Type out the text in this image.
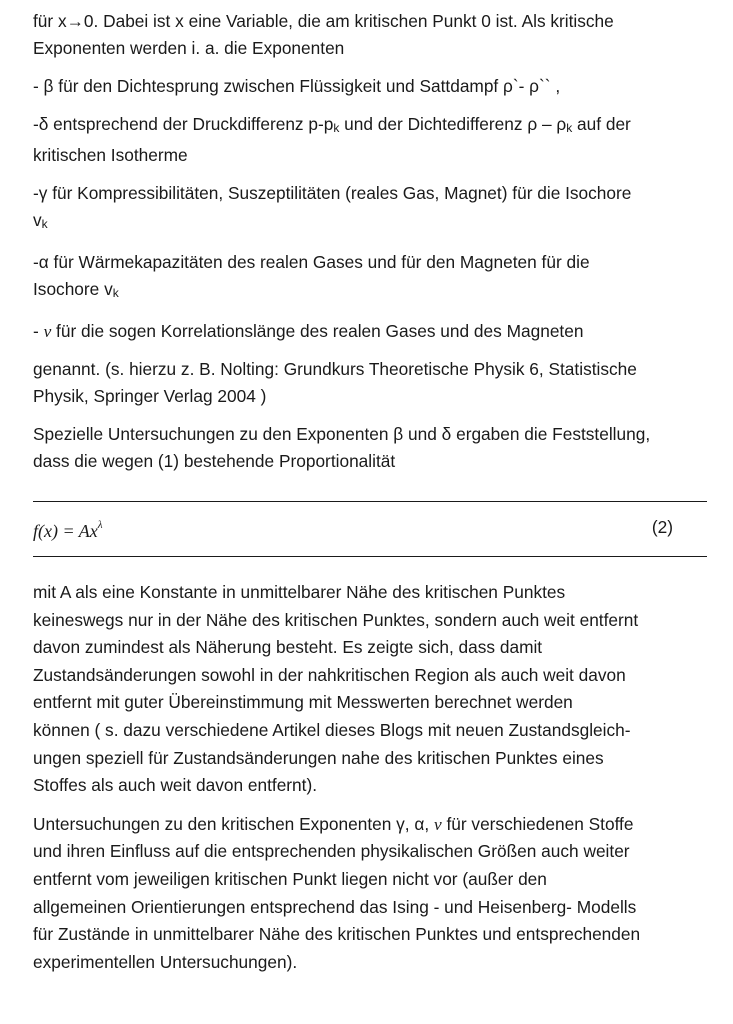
für x→0. Dabei ist x eine Variable, die am kritischen Punkt 0 ist. Als kritische
Exponenten werden i. a. die Exponenten

- β für den Dichtesprung zwischen Flüssigkeit und Sattdampf ρ`- ρ`` ,

-δ entsprechend der Druckdifferenz p-pk und der Dichtedifferenz ρ – ρk auf der
kritischen Isotherme

-γ für Kompressibilitäten, Suszeptilitäten (reales Gas, Magnet) für die Isochore
vk

-α für Wärmekapazitäten des realen Gases und für den Magneten für die
Isochore vk

- ν für die sogen Korrelationslänge des realen Gases und des Magneten

genannt. (s. hierzu z. B. Nolting: Grundkurs Theoretische Physik 6, Statistische
Physik, Springer Verlag 2004 )

Spezielle Untersuchungen zu den Exponenten β und δ ergaben die Feststellung,
dass die wegen (1) bestehende Proportionalität

$f(x) = Ax^\lambda$	(2)

mit A als eine Konstante in unmittelbarer Nähe des kritischen Punktes
keineswegs nur in der Nähe des kritischen Punktes, sondern auch weit entfernt
davon zumindest als Näherung besteht. Es zeigte sich, dass damit
Zustandsänderungen sowohl in der nahkritischen Region als auch weit davon
entfernt mit guter Übereinstimmung mit Messwerten berechnet werden
können ( s. dazu verschiedene Artikel dieses Blogs mit neuen Zustandsgleich-
ungen speziell für Zustandsänderungen nahe des kritischen Punktes eines
Stoffes als auch weit davon entfernt).

Untersuchungen zu den kritischen Exponenten γ, α, ν für verschiedenen Stoffe
und ihren Einfluss auf die entsprechenden physikalischen Größen auch weiter
entfernt vom jeweiligen kritischen Punkt liegen nicht vor (außer den
allgemeinen Orientierungen entsprechend das Ising - und Heisenberg- Modells
für Zustände in unmittelbarer Nähe des kritischen Punktes und entsprechenden
experimentellen Untersuchungen).
